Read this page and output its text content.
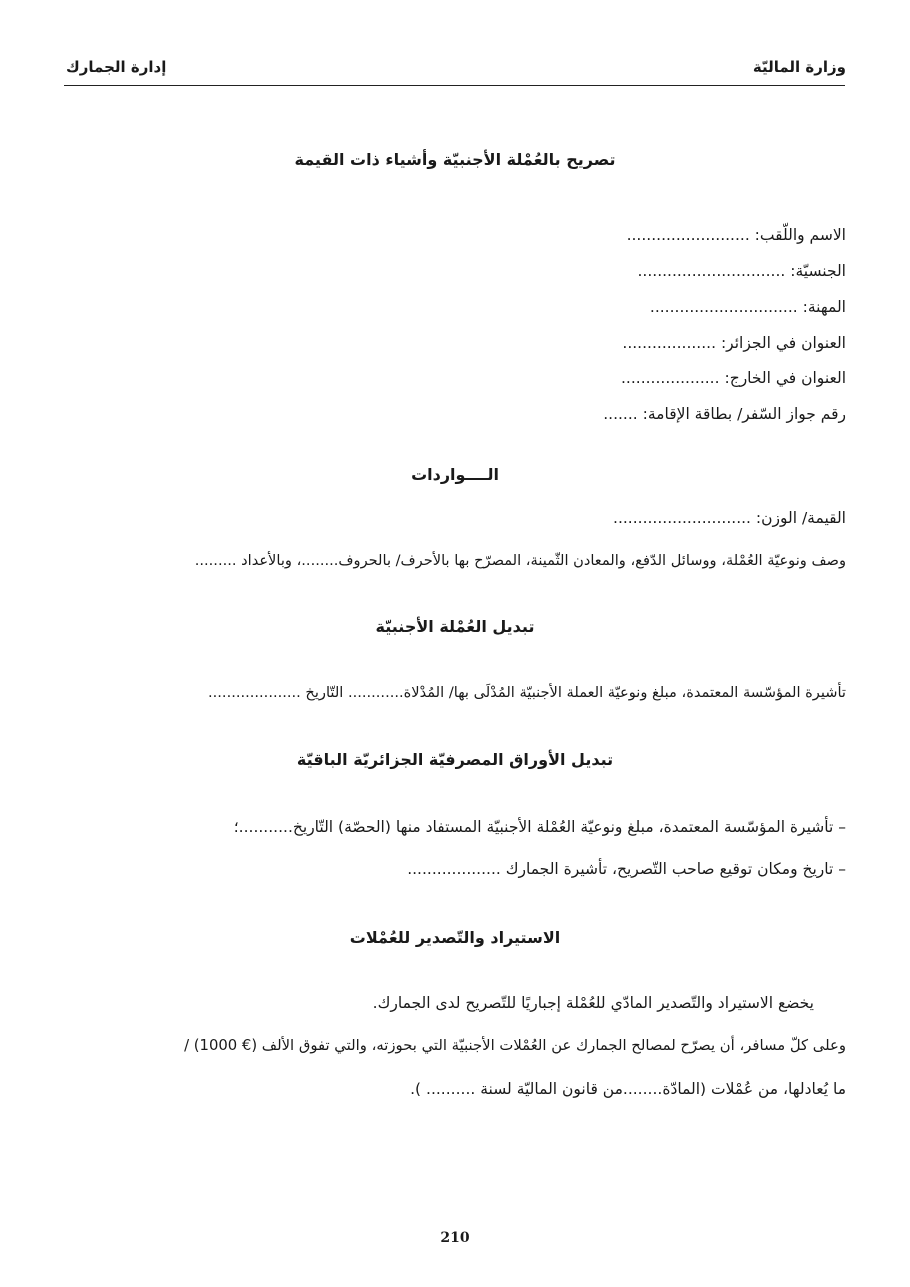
وزارة الماليّة
إدارة الجمارك
تصريح بالعُمْلة الأجنبيّة وأشياء ذات القيمة
الاسم واللّقب: .........................
الجنسيّة: ..............................
المهنة: ..............................
العنوان في الجزائر: ...................
العنوان في الخارج: ....................
رقم جواز السّفر/ بطاقة الإقامة: .......
الــــواردات
القيمة/ الوزن: ............................
وصف ونوعيّة العُمْلة، ووسائل الدّفع، والمعادن الثّمينة، المصرّح بها بالأحرف/ بالحروف........، وبالأعداد .........
تبديل العُمْلة الأجنبيّة
تأشيرة المؤسّسة المعتمدة، مبلغ ونوعيّة العملة الأجنبيّة المُدْلَى بها/ المُدْلاة............ التّاريخ ....................
تبديل الأوراق المصرفيّة الجزائريّة الباقيّة
– تأشيرة المؤسّسة المعتمدة، مبلغ ونوعيّة العُمْلة الأجنبيّة المستفاد منها (الحصّة) التّاريخ...........؛
– تاريخ ومكان توقيع صاحب التّصريح، تأشيرة الجمارك ...................
الاستيراد والتّصدير للعُمْلات
يخضع الاستيراد والتّصدير المادّي للعُمْلة إجباريًا للتّصريح لدى الجمارك.
وعلى كلّ مسافر، أن يصرّح لمصالح الجمارك عن العُمْلات الأجنبيّة التي بحوزته، والتي تفوق الألف (€ 1000) /
ما يُعادلها، من عُمْلات (المادّة........من قانون الماليّة لسنة .......... ).
210
